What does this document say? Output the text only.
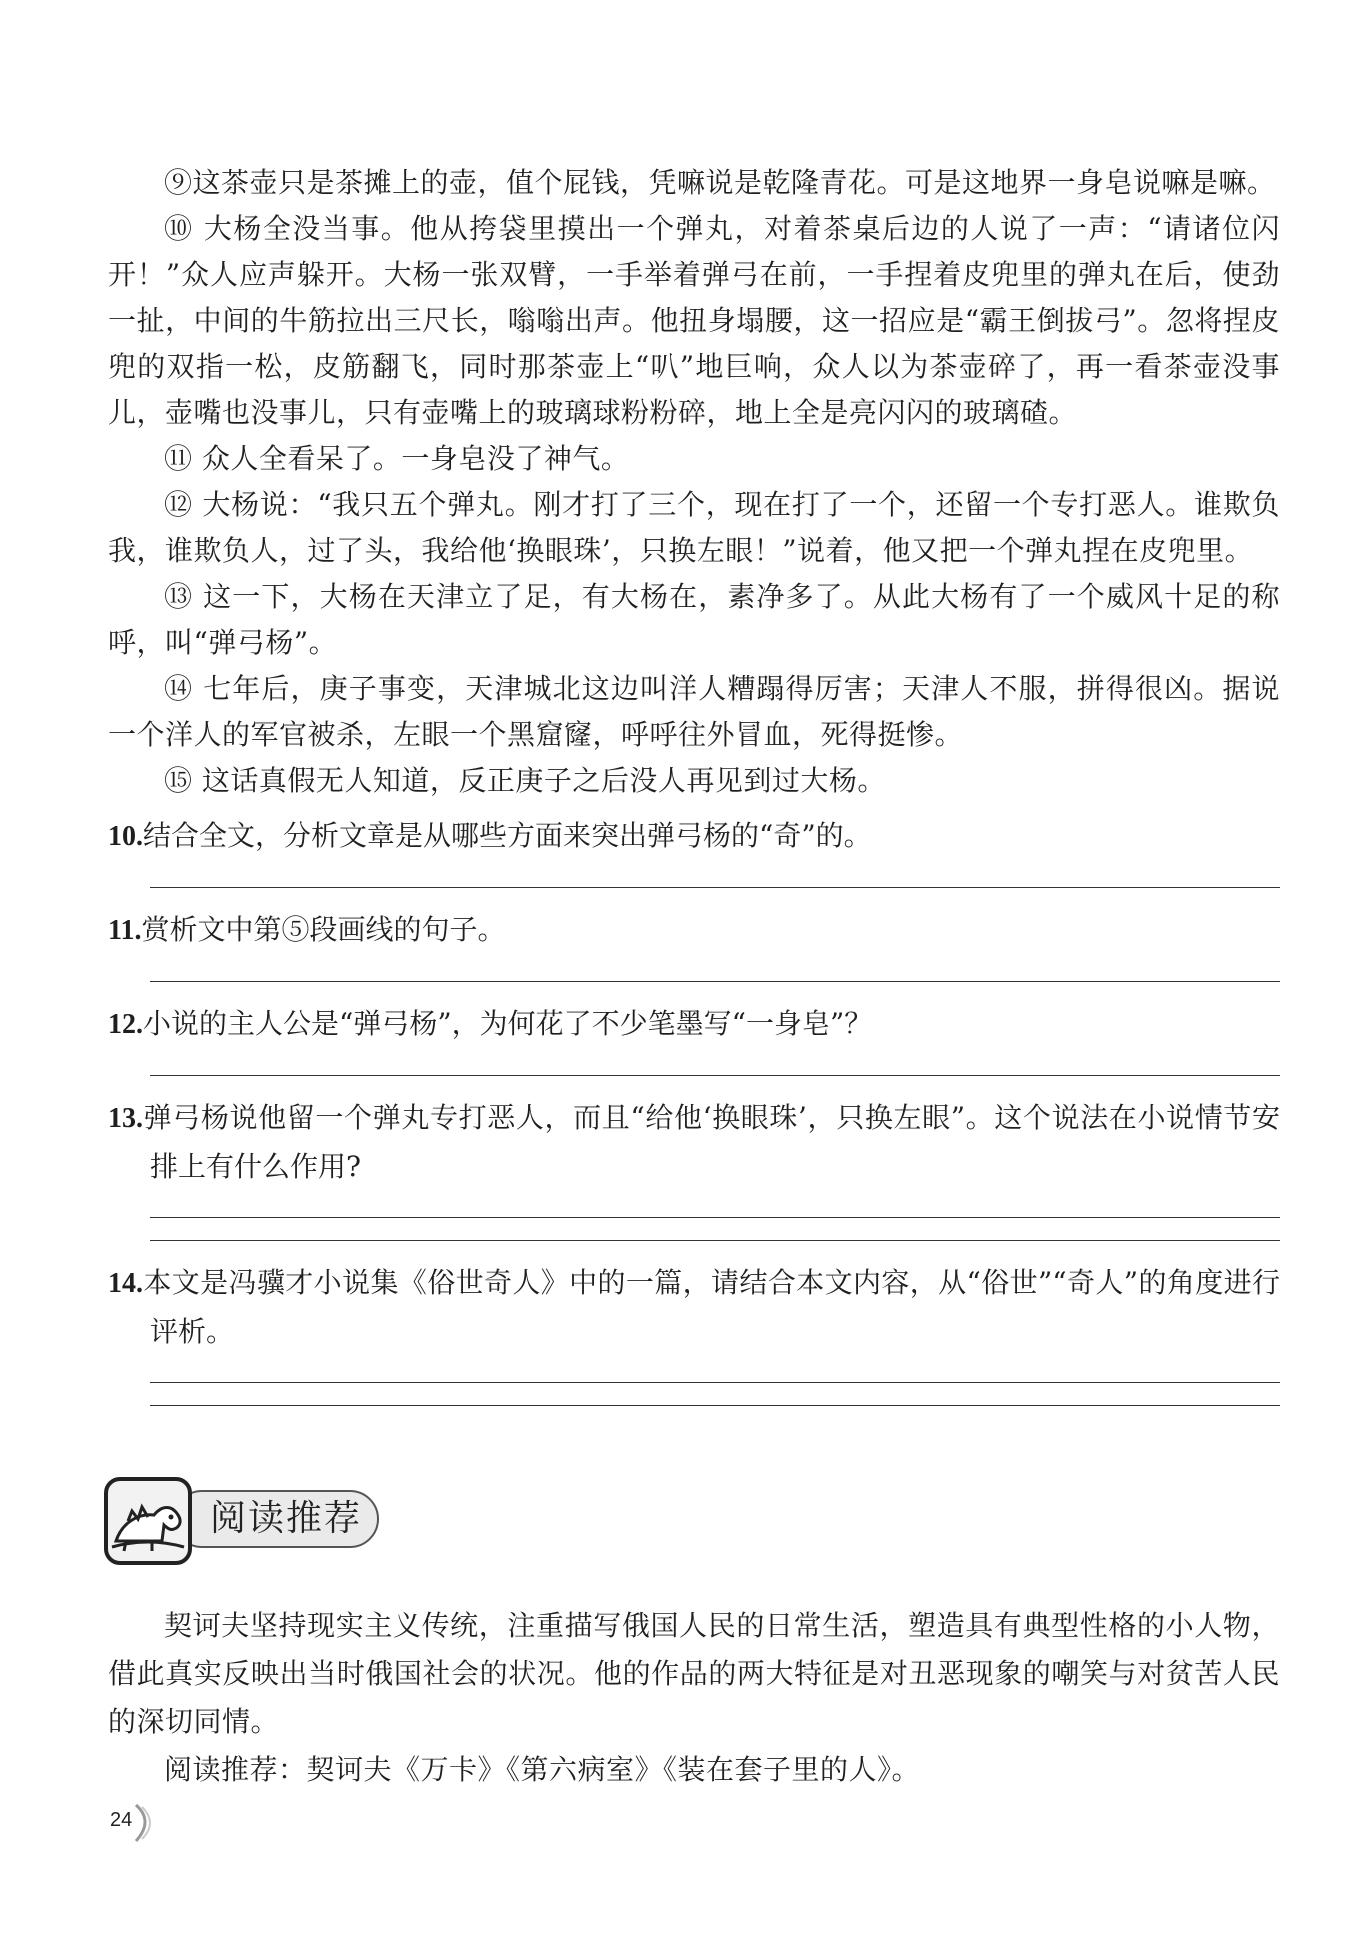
⑨这茶壶只是茶摊上的壶，值个屁钱，凭嘛说是乾隆青花。可是这地界一身皂说嘛是嘛。

⑩ 大杨全没当事。他从挎袋里摸出一个弹丸，对着茶桌后边的人说了一声：“请诸位闪开！”众人应声躲开。大杨一张双臂，一手举着弹弓在前，一手捏着皮兜里的弹丸在后，使劲一扯，中间的牛筋拉出三尺长，嗡嗡出声。他扭身塌腰，这一招应是“霸王倒拔弓”。忽将捏皮兜的双指一松，皮筋翻飞，同时那茶壶上“叭”地巨响，众人以为茶壶碎了，再一看茶壶没事儿，壶嘴也没事儿，只有壶嘴上的玻璃球粉粉碎，地上全是亮闪闪的玻璃碴。

⑪ 众人全看呆了。一身皂没了神气。

⑫ 大杨说：“我只五个弹丸。刚才打了三个，现在打了一个，还留一个专打恶人。谁欺负我，谁欺负人，过了头，我给他‘换眼珠’，只换左眼！”说着，他又把一个弹丸捏在皮兜里。

⑬ 这一下，大杨在天津立了足，有大杨在，素净多了。从此大杨有了一个威风十足的称呼，叫“弹弓杨”。

⑭ 七年后，庚子事变，天津城北这边叫洋人糟蹋得厉害；天津人不服，拼得很凶。据说一个洋人的军官被杀，左眼一个黑窟窿，呼呼往外冒血，死得挺惨。

⑮ 这话真假无人知道，反正庚子之后没人再见到过大杨。

10.结合全文，分析文章是从哪些方面来突出弹弓杨的“奇”的。

11.赏析文中第⑤段画线的句子。

12.小说的主人公是“弹弓杨”，为何花了不少笔墨写“一身皂”？

13.弹弓杨说他留一个弹丸专打恶人，而且“给他‘换眼珠’，只换左眼”。这个说法在小说情节安排上有什么作用?

14.本文是冯骥才小说集《俗世奇人》中的一篇，请结合本文内容，从“俗世”“奇人”的角度进行评析。

阅读推荐

契诃夫坚持现实主义传统，注重描写俄国人民的日常生活，塑造具有典型性格的小人物，借此真实反映出当时俄国社会的状况。他的作品的两大特征是对丑恶现象的嘲笑与对贫苦人民的深切同情。

阅读推荐：契诃夫《万卡》《第六病室》《装在套子里的人》。

24
